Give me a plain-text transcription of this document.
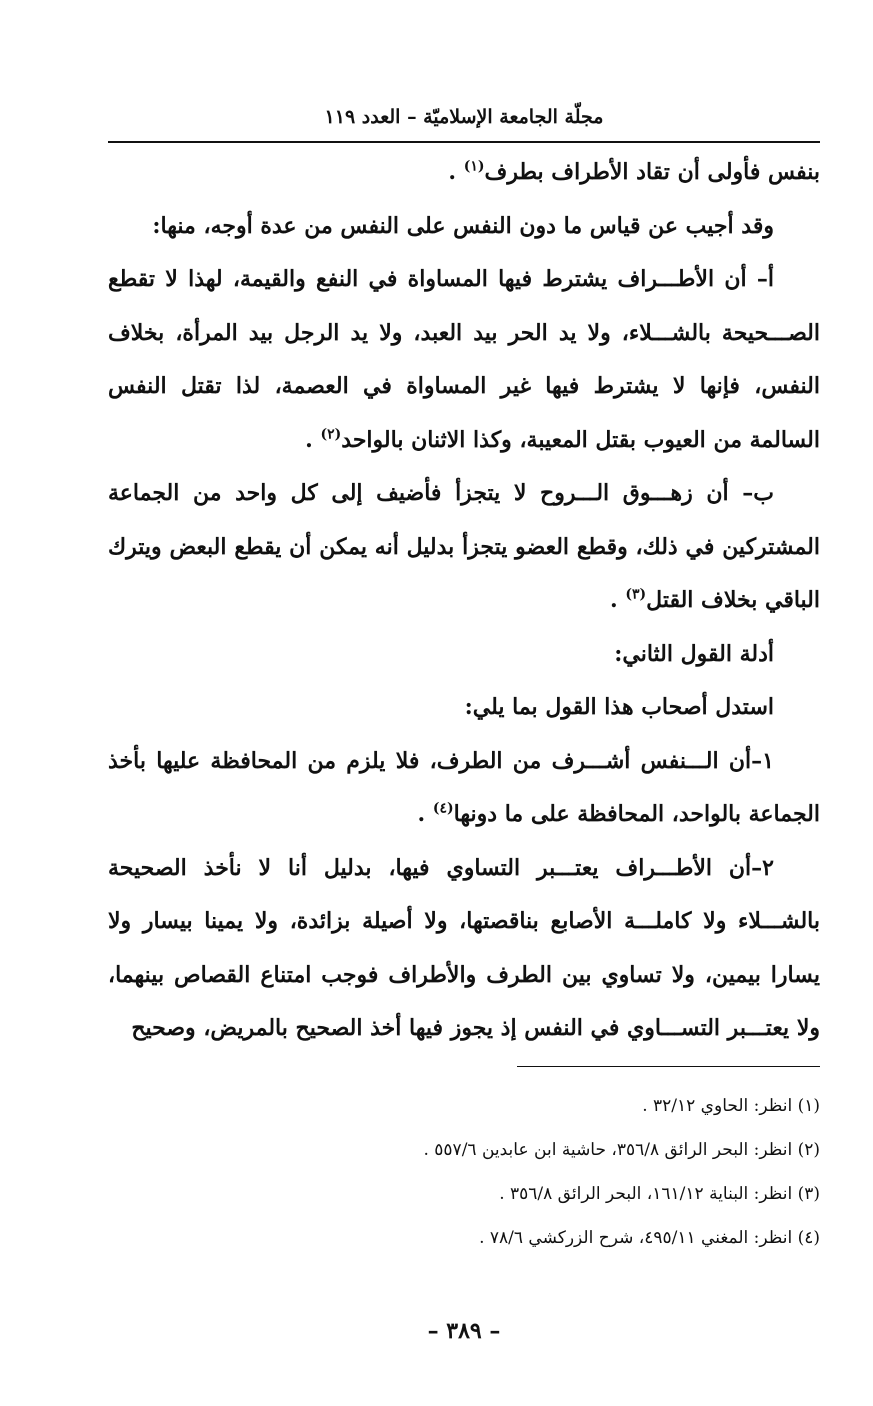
مجلّة الجامعة الإسلاميّة – العدد ١١٩

بنفس فأولى أن تقاد الأطراف بطرف$^{(١)}$ .

وقد أجيب عن قياس ما دون النفس على النفس من عدة أوجه، منها:

أ– أن الأطـــراف يشترط فيها المساواة في النفع والقيمة، لهذا لا تقطع الصـــحيحة بالشـــلاء، ولا يد الحر بيد العبد، ولا يد الرجل بيد المرأة، بخلاف النفس، فإنها لا يشترط فيها غير المساواة في العصمة، لذا تقتل النفس السالمة من العيوب بقتل المعيبة، وكذا الاثنان بالواحد$^{(٢)}$ .

ب– أن زهـــوق الـــروح لا يتجزأ فأضيف إلى كل واحد من الجماعة المشتركين في ذلك، وقطع العضو يتجزأ بدليل أنه يمكن أن يقطع البعض ويترك الباقي بخلاف القتل$^{(٣)}$ .

أدلة القول الثاني:

استدل أصحاب هذا القول بما يلي:

١–أن الـــنفس أشـــرف من الطرف، فلا يلزم من المحافظة عليها بأخذ الجماعة بالواحد، المحافظة على ما دونها$^{(٤)}$ .

٢–أن الأطـــراف يعتـــبر التساوي فيها، بدليل أنا لا نأخذ الصحيحة بالشـــلاء ولا كاملـــة الأصابع بناقصتها، ولا أصيلة بزائدة، ولا يمينا بيسار ولا يسارا بيمين، ولا تساوي بين الطرف والأطراف فوجب امتناع القصاص بينهما، ولا يعتـــبر التســـاوي في النفس إذ يجوز فيها أخذ الصحيح بالمريض، وصحيح

(١) انظر: الحاوي ٣٢/١٢ .

(٢) انظر: البحر الرائق ٣٥٦/٨، حاشية ابن عابدين ٥٥٧/٦ .

(٣) انظر: البناية ١٦١/١٢، البحر الرائق ٣٥٦/٨ .

(٤) انظر: المغني ٤٩٥/١١، شرح الزركشي ٧٨/٦ .

– ٣٨٩ –
